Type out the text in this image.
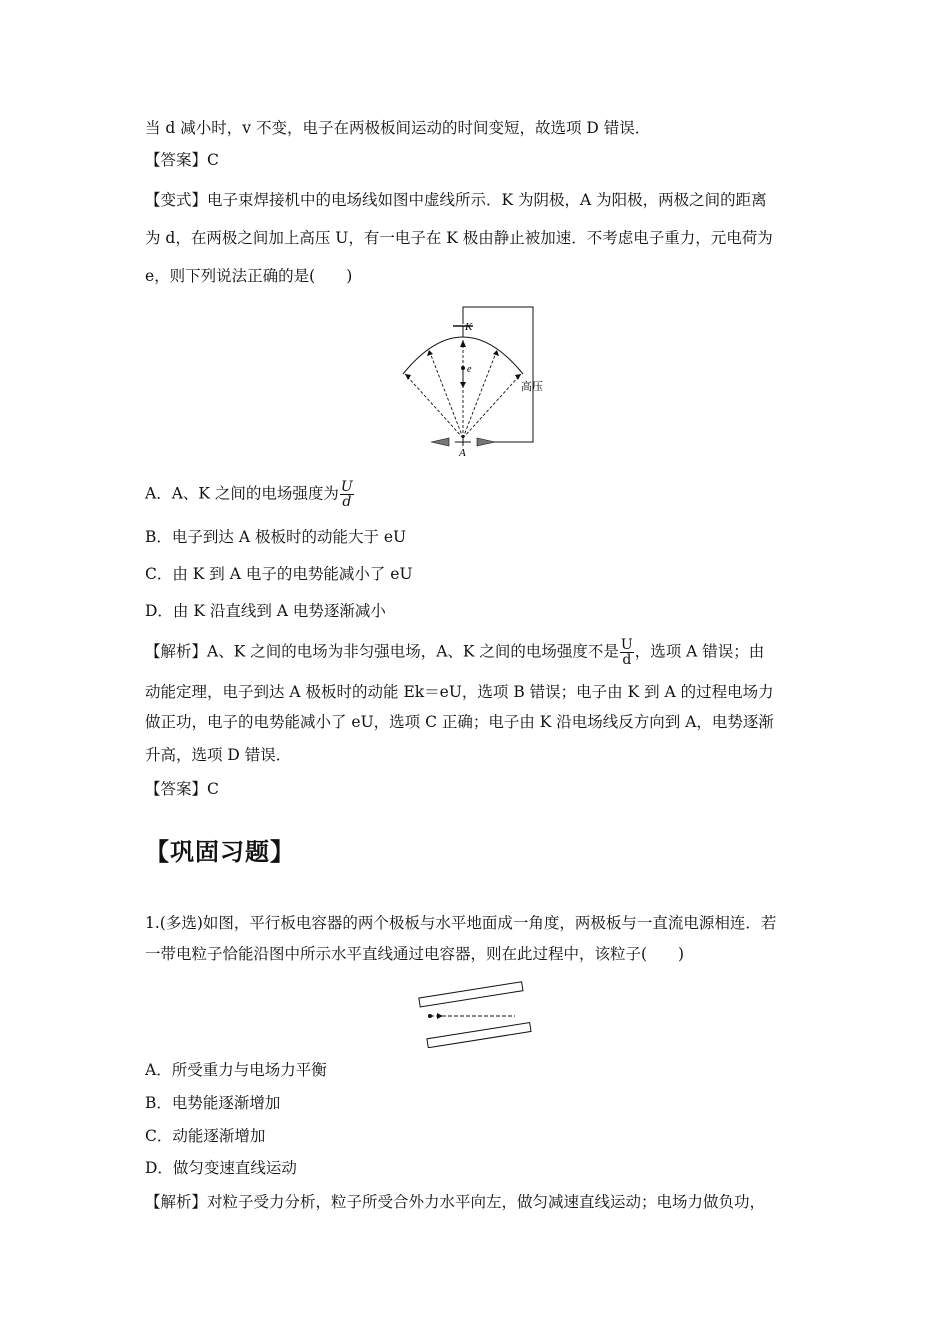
当 d 减小时，v 不变，电子在两极板间运动的时间变短，故选项 D 错误．
【答案】C
【变式】电子束焊接机中的电场线如图中虚线所示．K 为阴极，A 为阳极，两极之间的距离
为 d，在两极之间加上高压 U，有一电子在 K 极由静止被加速．不考虑电子重力，元电荷为
e，则下列说法正确的是(　　)
K
e
高压
A
A．A、K 之间的电场强度为 $\frac{U}{d}$
B．电子到达 A 极板时的动能大于 eU
C．由 K 到 A 电子的电势能减小了 eU
D．由 K 沿直线到 A 电势逐渐减小
【解析】A、K 之间的电场为非匀强电场，A、K 之间的电场强度不是 $\frac{U}{d}$ ，选项 A 错误；由
动能定理，电子到达 A 极板时的动能 Ek＝eU，选项 B 错误；电子由 K 到 A 的过程电场力
做正功，电子的电势能减小了 eU，选项 C 正确；电子由 K 沿电场线反方向到 A，电势逐渐
升高，选项 D 错误．
【答案】C
【巩固习题】
1.(多选)如图，平行板电容器的两个极板与水平地面成一角度，两极板与一直流电源相连．若
一带电粒子恰能沿图中所示水平直线通过电容器，则在此过程中，该粒子(　　)
A．所受重力与电场力平衡
B．电势能逐渐增加
C．动能逐渐增加
D．做匀变速直线运动
【解析】对粒子受力分析，粒子所受合外力水平向左，做匀减速直线运动；电场力做负功，
